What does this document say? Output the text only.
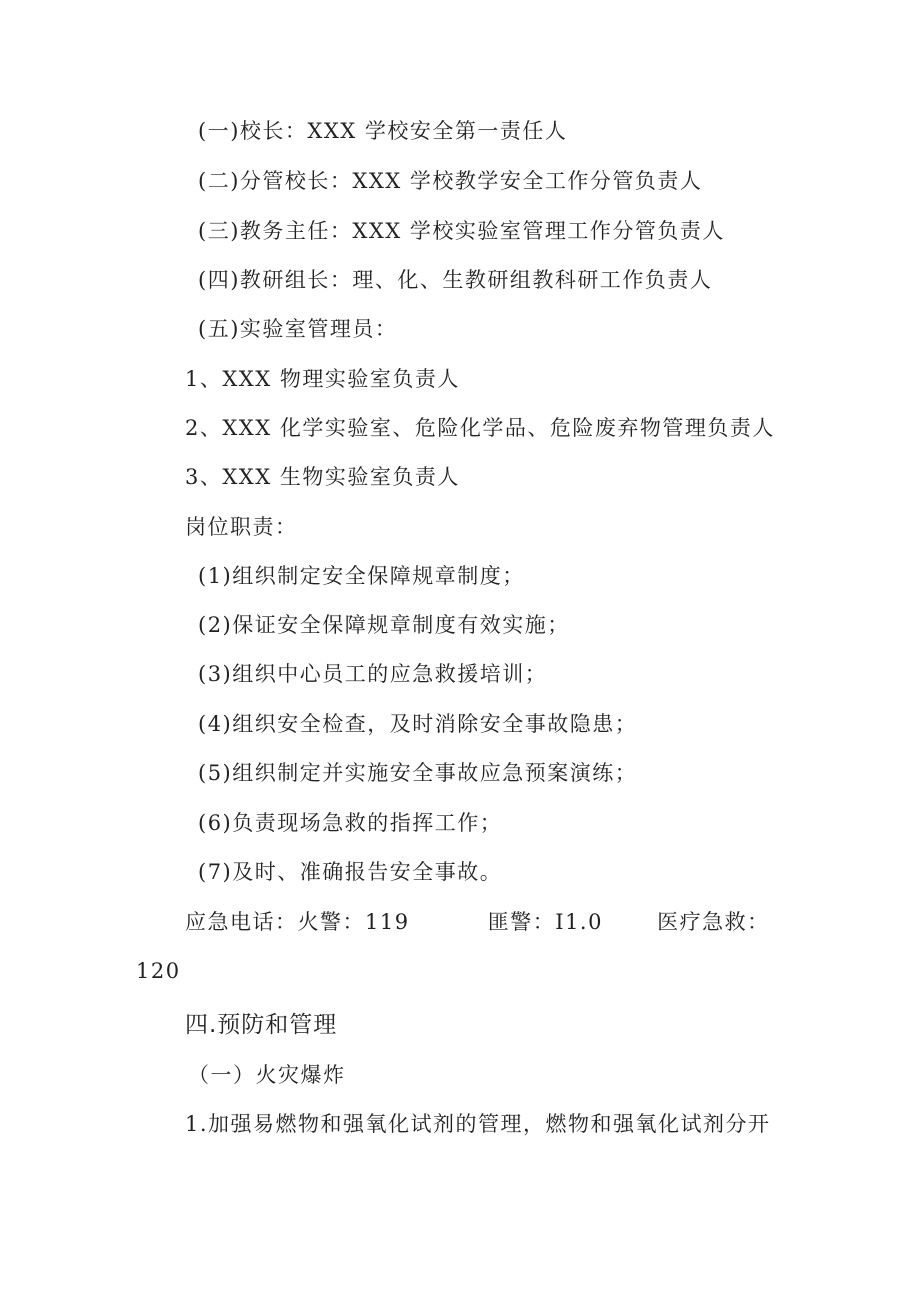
(一)校长：XXX 学校安全第一责任人
(二)分管校长：XXX 学校教学安全工作分管负责人
(三)教务主任：XXX 学校实验室管理工作分管负责人
(四)教研组长：理、化、生教研组教科研工作负责人
(五)实验室管理员：
1、XXX 物理实验室负责人
2、XXX 化学实验室、危险化学品、危险废弃物管理负责人
3、XXX 生物实验室负责人
岗位职责：
(1)组织制定安全保障规章制度；
(2)保证安全保障规章制度有效实施；
(3)组织中心员工的应急救援培训；
(4)组织安全检查，及时消除安全事故隐患；
(5)组织制定并实施安全事故应急预案演练；
(6)负责现场急救的指挥工作；
(7)及时、准确报告安全事故。
应急电话：火警：119	匪警：I1.0	医疗急救：
120
四.预防和管理
（一）火灾爆炸
1.加强易燃物和强氧化试剂的管理，燃物和强氧化试剂分开
